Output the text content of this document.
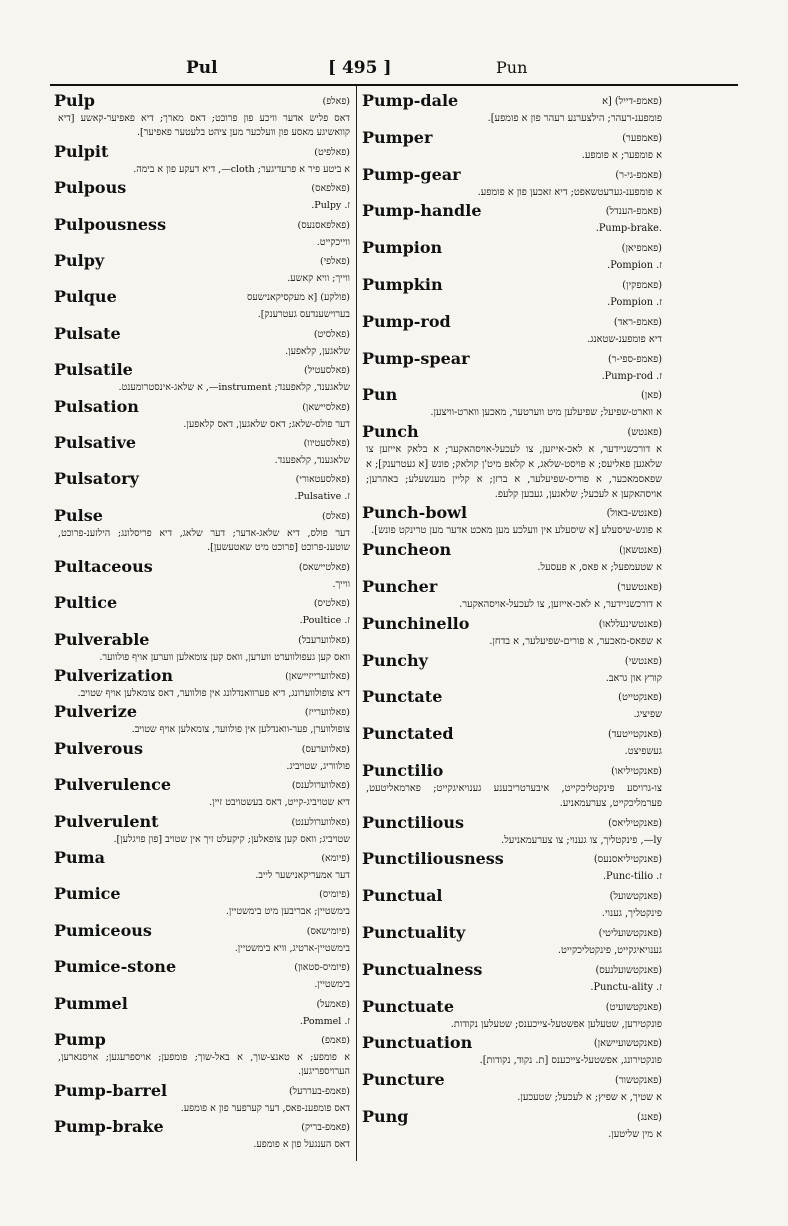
Pul	[ 495 ]	Pun
Pulp	(פאלפ)
דאס פליש אדער וויכע פון פרוכט; דאס מארך; דיא פאפיער-קאשע [דיא קוואשיגע מאסע פון וועלכער מען ציהט בלעטער פאפיער].
Pulpit	(פאלפיט)
א ביטע פיר א פרעדיגער; cloth—, דיא דעקע פון א בימה.
Pulpous	(פאלפאס)
ז. Pulpy.
Pulpousness	(פאלפאסנעס)
ווייכקייט.
Pulpy	(פאלפי)
ווייך; וויא קאשע.
Pulque	(פולקע) [א מעקסיקאנישעס
בערוישענדעס געטרענק].
Pulsate	(פאלסיט)
שלאגען, קלאפען.
Pulsatile	(פאלסעטיל)
שלאגענד, קלאפענד; instrument—, א שלאג-אינסטרומענט.
Pulsation	(פאלסיישאן)
דער פולס-שלאג; דאס שלאגען, דאס קלאפען.
Pulsative	(פאלסעטיוו)
שלאגענד, קלאפענד.
Pulsatory	(פאלסעטאורי)
ז. Pulsative.
Pulse	(פאלס)
דער פולס, דיא שלאג-אדער; דער שלאג, דיא פריסלונג; הילזענ-פרוכט, שוטענ-פרוכט [פרוכט מיט שאטעשען].
Pultaceous	(פאלטיישאס)
ווייך.
Pultice	(פאלטיס)
ז. Poultice.
Pulverable	(פאלווערעבל)
וואס קען געפולווערט ווערען, וואס קען צומאלען ווערען אויף פולווער.
Pulverization	(פאלווערייזיישאן)
דיא צופולווערונג, דיא פערוואנדלונג אין פולווער, דאס צומאלען אויף שטויב.
Pulverize	(פאלווערייז)
צופולווערן, פער-וואנדלען אין פולווער, צומאלען אויף שטויב.
Pulverous	(פאלווערעס)
פולווריג, שטויביג.
Pulverulence	(פאלווערולענס)
דיא שטויביג-קייט, דאס בעשטויבט זיין.
Pulverulent	(פאלווערולענט)
שטויביג; וואס קען צופאלען; קיקעלט זיך אין שטויב [פון פויגלען].
Puma	(פיומא)
דער אמעריקאנישער לייב.
Pumice	(פיומיס)
בימשטיין; אבריבען מיט בימשטיין.
Pumiceous	(פיומישאס)
בימשטיין-ארטיג, וויא בימשטיין.
Pumice-stone	(פיומיס-סטאון)
בימשטיין.
Pummel	(פאמעל)
ז. Pommel.
Pump	(פאמפ)
א פומפע; א טאנצ-שוך, א באל-שוך; פומפען; אויספרעגען; אויסנארען, הערויספריגען.
Pump-barrel	(פאמפ-בעררעל)
דאס פומפענ-פאס, דער קערפער פון א פומפע.
Pump-brake	(פאמפ-בריק)
דאס הענגעל פון א פומפע.
Pump-dale	(פאמפ-דייל) [א
פומפענ-רעהר; הילצערנע רעהר פון א פומפע].
Pumper	(פאמפער)
א פומפער; א פומפע.
Pump-gear	(פאמפ-גי-ר)
א פומפענ-גערעטשאפט; דיא זאכען פון א פומפע.
Pump-handle	(פאמפ-הענדל)
.Pump-brake.
Pumpion	(פאמפיאן)
ז. Pompion.
Pumpkin	(פאמפקין)
ז. Pompion.
Pump-rod	(פאמפ-ראד)
דיא פומפענ-שטאנג.
Pump-spear	(פאמפ-ספי-ר)
ז. Pump-rod.
Pun	(פאן)
א ווארט-שפיעל; שפיעלען מיט ווערטער, מאכען ווארט-וויצען.
Punch	(פאנטש)
א דורכשניידער, א לאכ-אייזען, צו לעכעל-אויסהאקער; א בלאק אייזען צו שלאגען פאליעס; א פויסט-שלאג, א קלאפ מיט'ן קולאק; פונש [א געטרענק]; א שפאסמאכער, א פוריס-שפיעלער, א ברזן; א קליין מענשעלע; באהרען; אויסהאקען א לעכעל; שלאגען, געבען קלעפ.
Punch-bowl	(פאנטש-באול)
א פונש-שיסעלע [א שיסעלע אין וועלכע מען מאכט אדער מען טרינקט פונש].
Puncheon	(פאנטשאן)
א שטעמפעל; א פאס, א פעסעל.
Puncher	(פאנטשער)
א דורכשניידער, א לאכ-אייזען, צו לעכעל-אויסהאקער.
Punchinello	(פאנטשינעללאו)
א שפאס-מאכער, א פורים-שפיעלער, א בדחן.
Punchy	(פאנטשי)
קורץ און גראב.
Punctate	(פאנקטייט)
שפיציג.
Punctated	(פאנקטייטעד)
געשפיצט.
Punctilio	(פאנקטיליאו)
צו-גרויסע פינקטליכקייט, איבערטריבענע גענויאיגקייט; פארמאליטעט, פערמליכקייט, צערעמאניע.
Punctilious	(פאנקטיליאס)
ly—, פינקטליך, צו גענוי; צו צערעמאניעל.
Punctiliousness	(פאנקטיליאסנעס)
ז. Punc-tilio.
Punctual	(פאנקטשועל)
פינקטליך, גענוי.
Punctuality	(פאנקטשועליטי)
גענויאיגקייט, פינקטליכקייט.
Punctualness	(פאנקטשועלנעס)
ז. Punctu-ality.
Punctuate	(פאנקטשועיט)
פונקטירען, שטעלען אפשטעל-צייכענס; שטעלען נקודות.
Punctuation	(פאנקטשועיישאן)
פונקטירונג, אפשטעל-צייכענס [ת. נקוד, נקודות].
Puncture	(פאנקטשור)
א שטיך, א שפיץ; א לעכעל; שטעכען.
Pung	(פאנג)
א מין שליטען.
